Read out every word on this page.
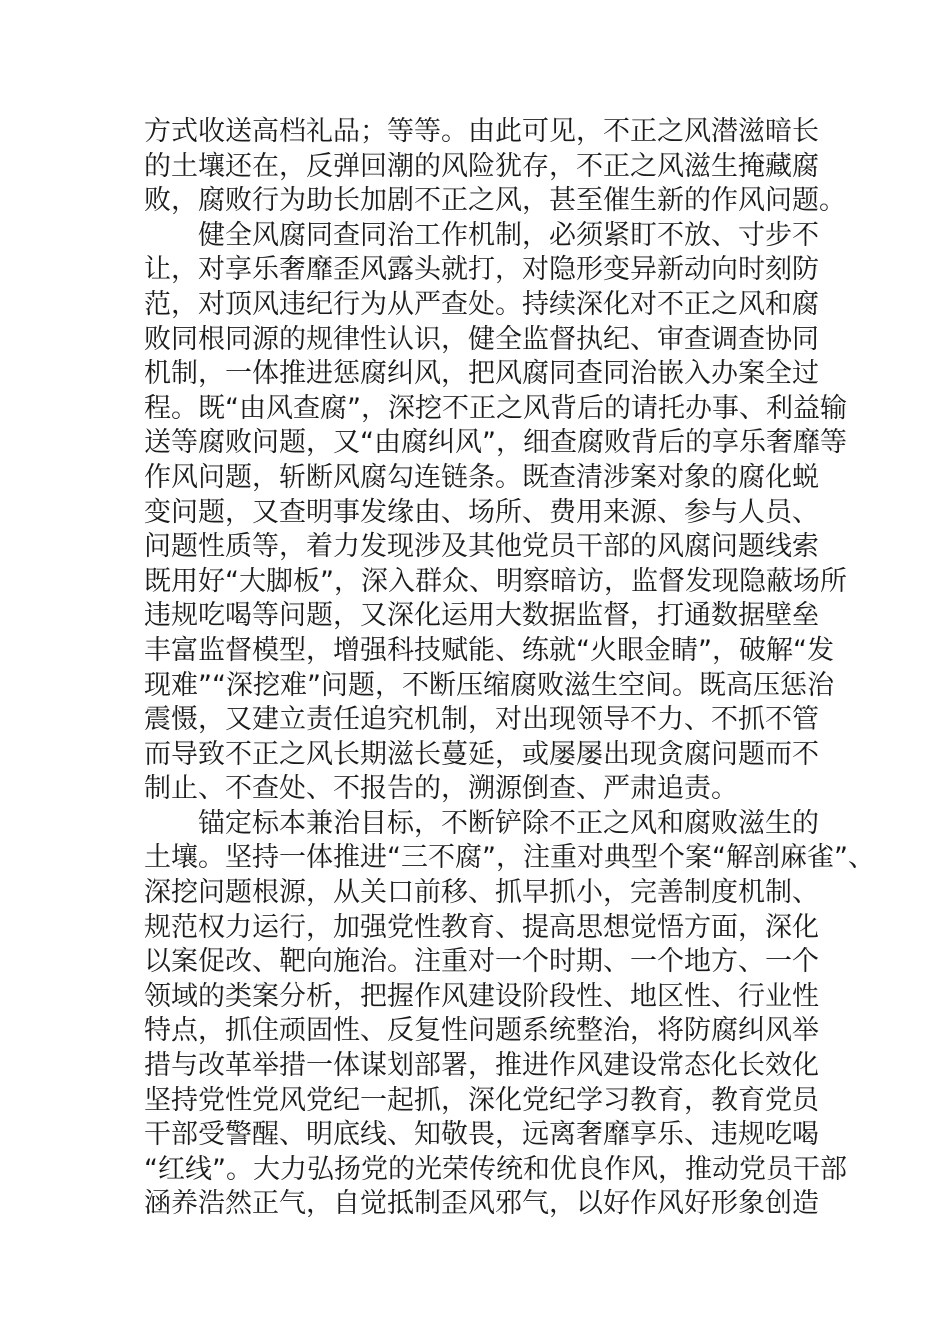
方式收送高档礼品；等等。由此可见，不正之风潜滋暗长
的土壤还在，反弹回潮的风险犹存，不正之风滋生掩藏腐
败，腐败行为助长加剧不正之风，甚至催生新的作风问题。
　　健全风腐同查同治工作机制，必须紧盯不放、寸步不
让，对享乐奢靡歪风露头就打，对隐形变异新动向时刻防
范，对顶风违纪行为从严查处。持续深化对不正之风和腐
败同根同源的规律性认识，健全监督执纪、审查调查协同
机制，一体推进惩腐纠风，把风腐同查同治嵌入办案全过
程。既“由风查腐”，深挖不正之风背后的请托办事、利益输
送等腐败问题，又“由腐纠风”，细查腐败背后的享乐奢靡等
作风问题，斩断风腐勾连链条。既查清涉案对象的腐化蜕
变问题，又查明事发缘由、场所、费用来源、参与人员、
问题性质等，着力发现涉及其他党员干部的风腐问题线索
既用好“大脚板”，深入群众、明察暗访，监督发现隐蔽场所
违规吃喝等问题，又深化运用大数据监督，打通数据壁垒
丰富监督模型，增强科技赋能、练就“火眼金睛”，破解“发
现难”“深挖难”问题，不断压缩腐败滋生空间。既高压惩治
震慑，又建立责任追究机制，对出现领导不力、不抓不管
而导致不正之风长期滋长蔓延，或屡屡出现贪腐问题而不
制止、不查处、不报告的，溯源倒查、严肃追责。
　　锚定标本兼治目标，不断铲除不正之风和腐败滋生的
土壤。坚持一体推进“三不腐”，注重对典型个案“解剖麻雀”、
深挖问题根源，从关口前移、抓早抓小，完善制度机制、
规范权力运行，加强党性教育、提高思想觉悟方面，深化
以案促改、靶向施治。注重对一个时期、一个地方、一个
领域的类案分析，把握作风建设阶段性、地区性、行业性
特点，抓住顽固性、反复性问题系统整治，将防腐纠风举
措与改革举措一体谋划部署，推进作风建设常态化长效化
坚持党性党风党纪一起抓，深化党纪学习教育，教育党员
干部受警醒、明底线、知敬畏，远离奢靡享乐、违规吃喝
“红线”。大力弘扬党的光荣传统和优良作风，推动党员干部
涵养浩然正气，自觉抵制歪风邪气，以好作风好形象创造
